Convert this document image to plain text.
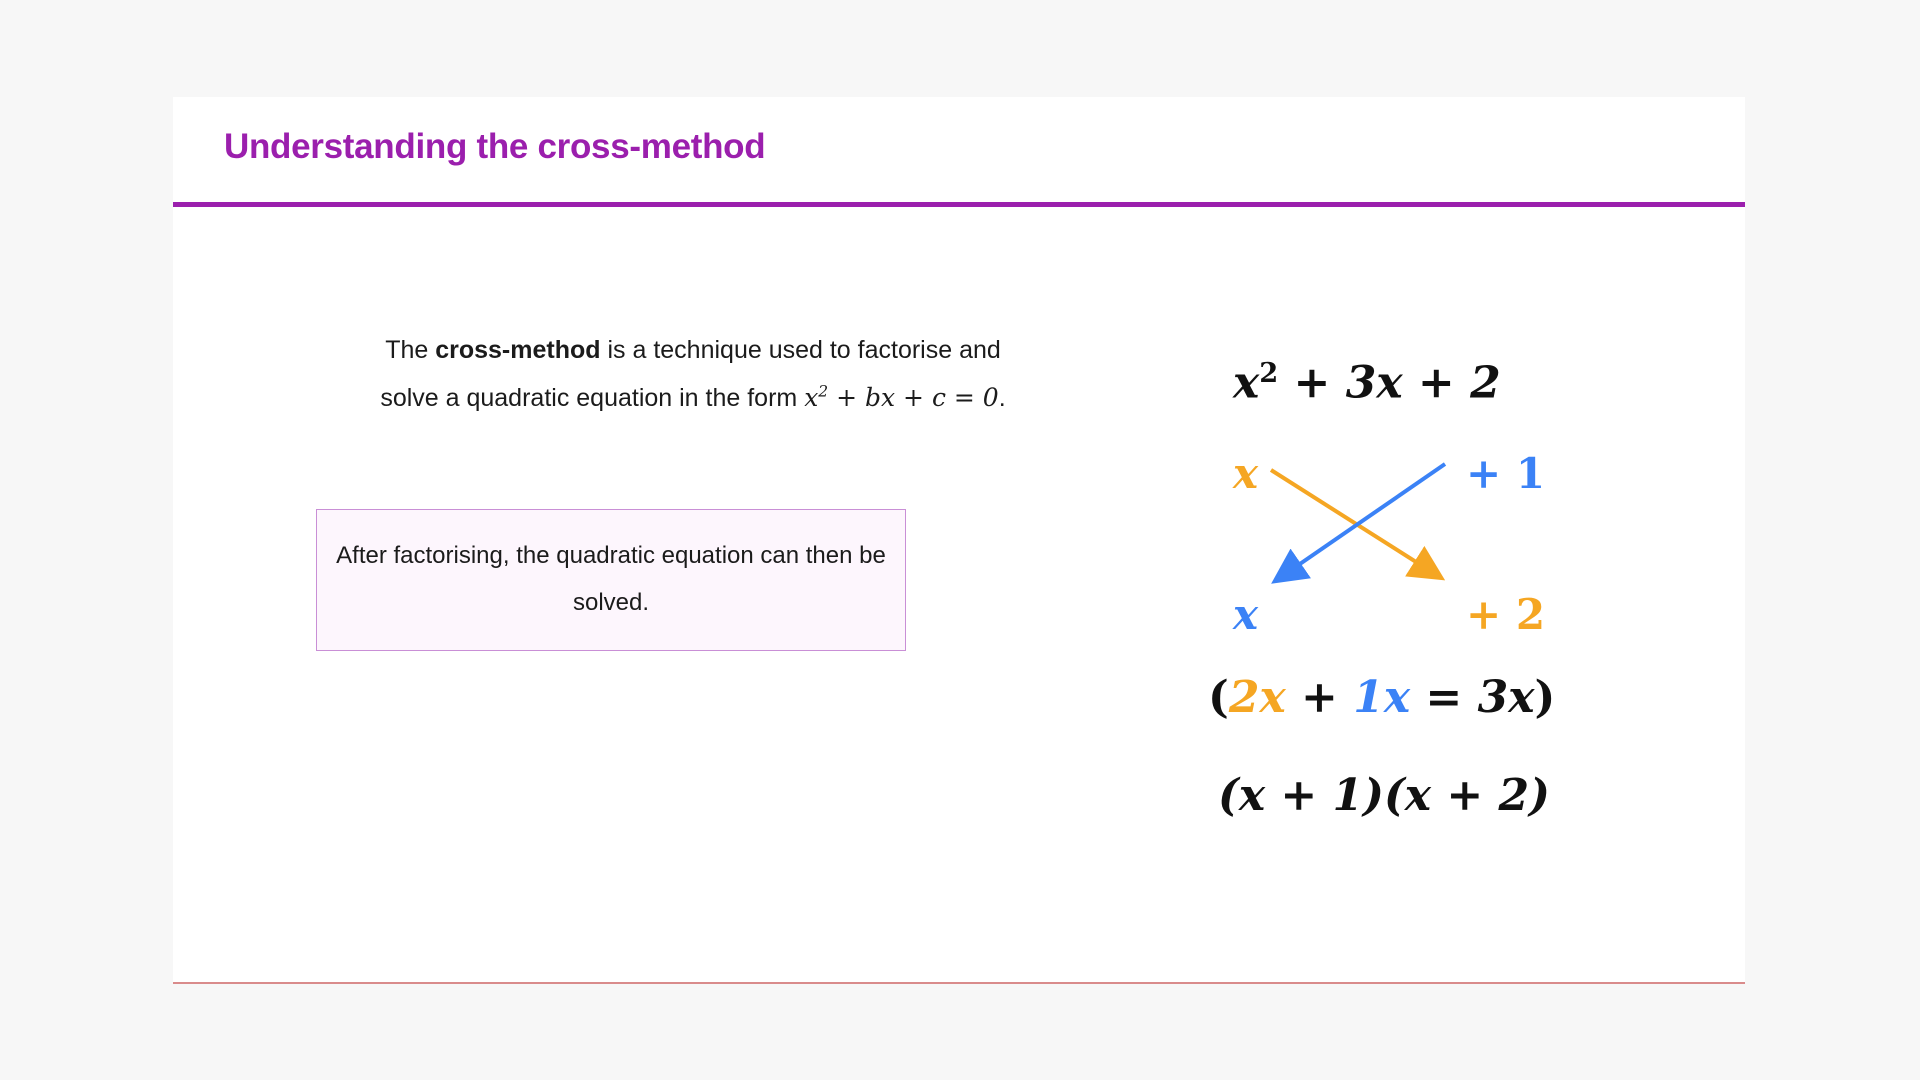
Understanding the cross-method
The cross-method is a technique used to factorise and solve a quadratic equation in the form $x^2$ + bx + c = 0.
After factorising, the quadratic equation can then be solved.
$x^2 + 3x + 2$
x	+ 1
x	+ 2
(2x + 1x = 3x)
(x + 1)(x + 2)
